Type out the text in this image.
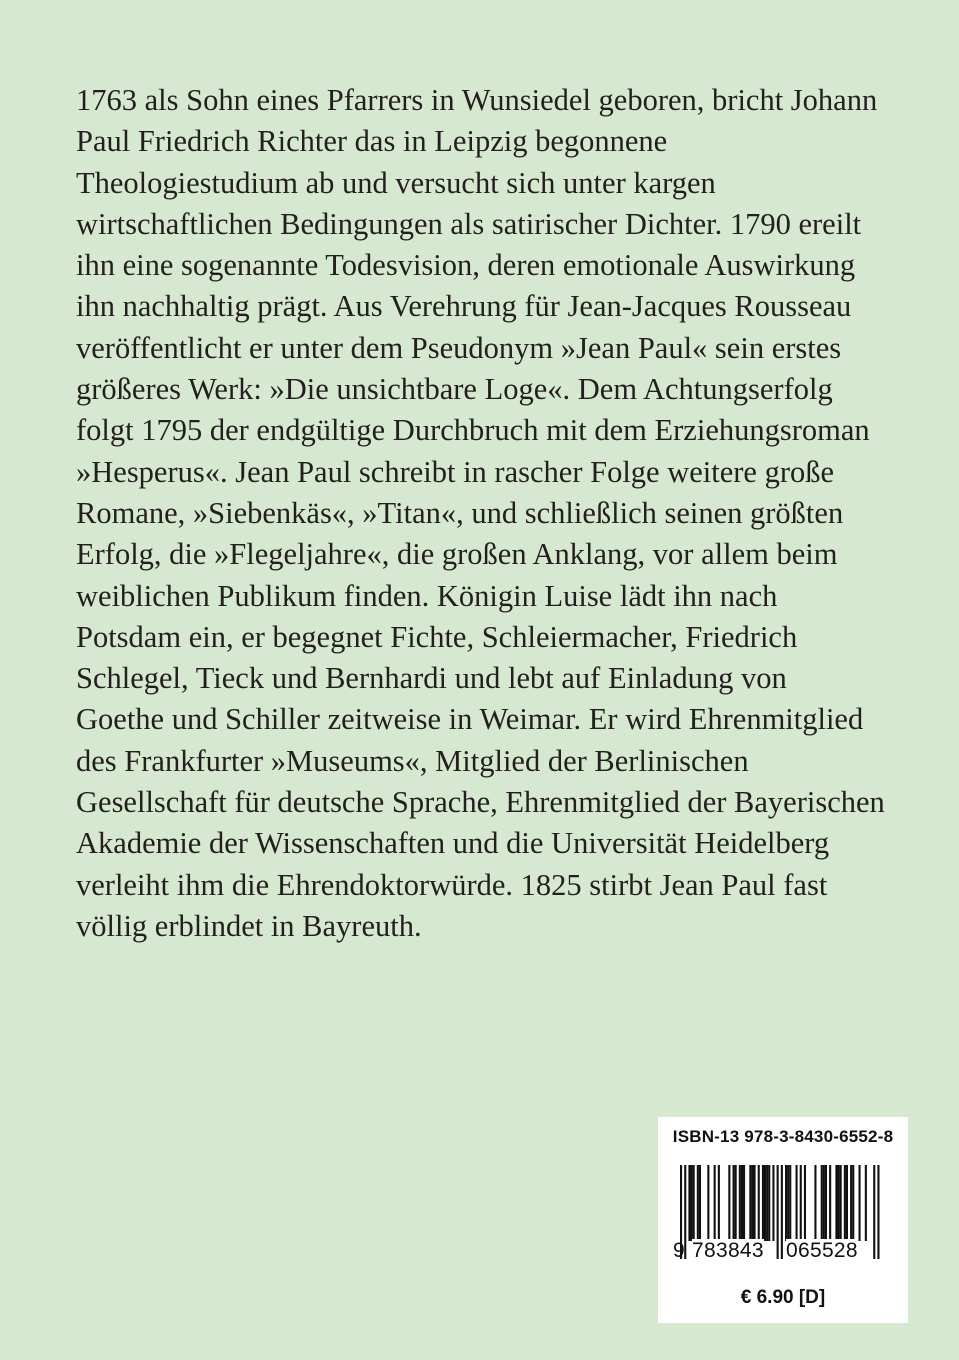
1763 als Sohn eines Pfarrers in Wunsiedel geboren, bricht Johann
Paul Friedrich Richter das in Leipzig begonnene
Theologiestudium ab und versucht sich unter kargen
wirtschaftlichen Bedingungen als satirischer Dichter. 1790 ereilt
ihn eine sogenannte Todesvision, deren emotionale Auswirkung
ihn nachhaltig prägt. Aus Verehrung für Jean-Jacques Rousseau
veröffentlicht er unter dem Pseudonym »Jean Paul« sein erstes
größeres Werk: »Die unsichtbare Loge«. Dem Achtungserfolg
folgt 1795 der endgültige Durchbruch mit dem Erziehungsroman
»Hesperus«. Jean Paul schreibt in rascher Folge weitere große
Romane, »Siebenkäs«, »Titan«, und schließlich seinen größten
Erfolg, die »Flegeljahre«, die großen Anklang, vor allem beim
weiblichen Publikum finden. Königin Luise lädt ihn nach
Potsdam ein, er begegnet Fichte, Schleiermacher, Friedrich
Schlegel, Tieck und Bernhardi und lebt auf Einladung von
Goethe und Schiller zeitweise in Weimar. Er wird Ehrenmitglied
des Frankfurter »Museums«, Mitglied der Berlinischen
Gesellschaft für deutsche Sprache, Ehrenmitglied der Bayerischen
Akademie der Wissenschaften und die Universität Heidelberg
verleiht ihm die Ehrendoktorwürde. 1825 stirbt Jean Paul fast
völlig erblindet in Bayreuth.
ISBN-13 978-3-8430-6552-8
9 783843 065528
€ 6.90 [D]
